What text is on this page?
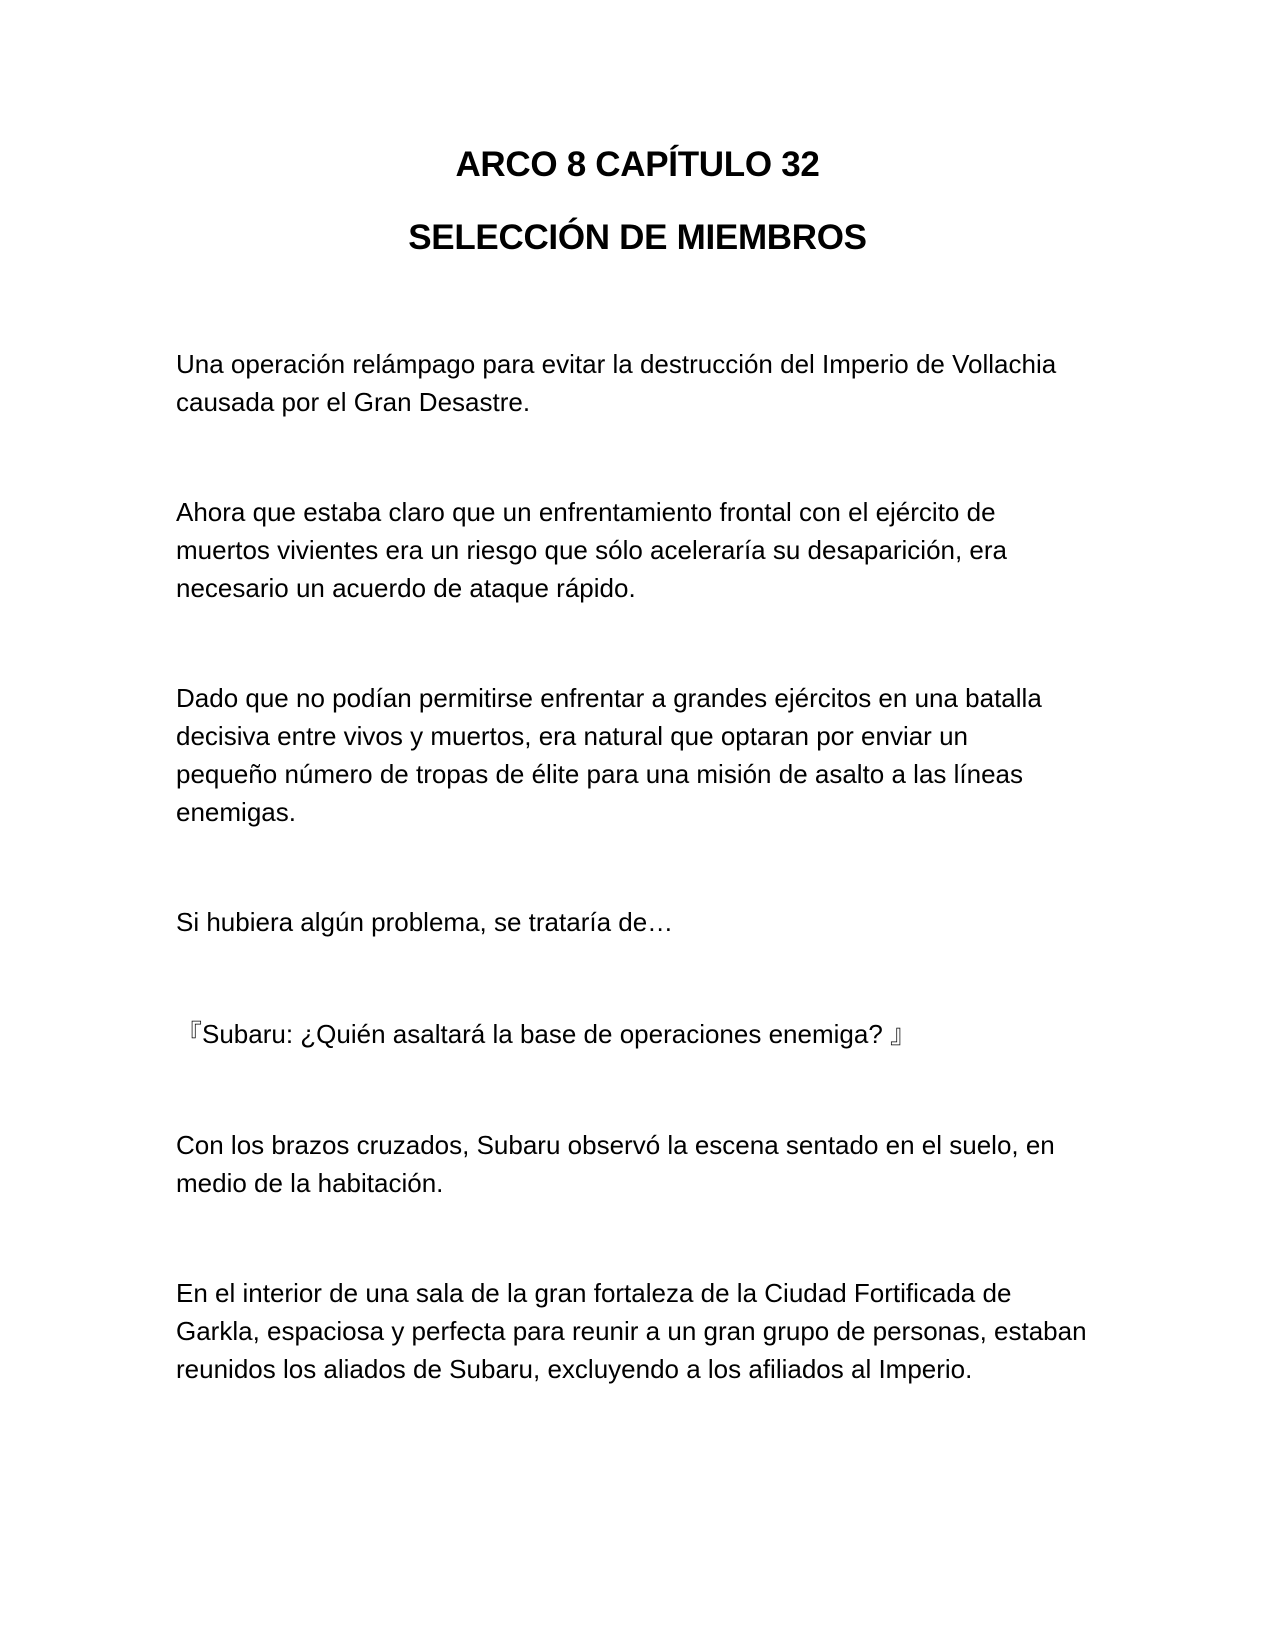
ARCO 8 CAPÍTULO 32
SELECCIÓN DE MIEMBROS

Una operación relámpago para evitar la destrucción del Imperio de Vollachia
causada por el Gran Desastre.

Ahora que estaba claro que un enfrentamiento frontal con el ejército de
muertos vivientes era un riesgo que sólo aceleraría su desaparición, era
necesario un acuerdo de ataque rápido.

Dado que no podían permitirse enfrentar a grandes ejércitos en una batalla
decisiva entre vivos y muertos, era natural que optaran por enviar un
pequeño número de tropas de élite para una misión de asalto a las líneas
enemigas.

Si hubiera algún problema, se trataría de…

『Subaru: ¿Quién asaltará la base de operaciones enemiga? 』

Con los brazos cruzados, Subaru observó la escena sentado en el suelo, en
medio de la habitación.

En el interior de una sala de la gran fortaleza de la Ciudad Fortificada de
Garkla, espaciosa y perfecta para reunir a un gran grupo de personas, estaban
reunidos los aliados de Subaru, excluyendo a los afiliados al Imperio.
